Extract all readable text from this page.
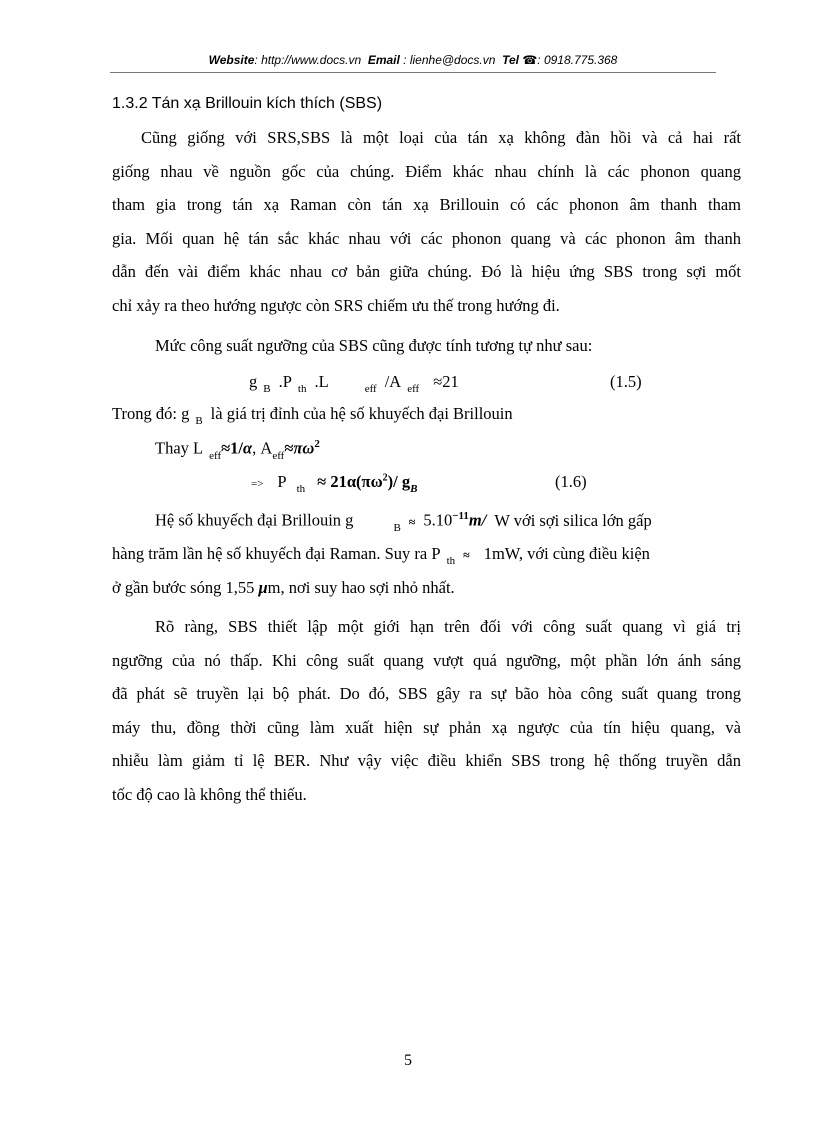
Website: http://www.docs.vn Email : lienhe@docs.vn Tel ☎: 0918.775.368
1.3.2 Tán xạ Brillouin kích thích (SBS)
Cũng giống với SRS,SBS là một loại của tán xạ không đàn hồi và cả hai rất
giống nhau về nguồn gốc của chúng. Điểm khác nhau chính là các phonon quang
tham gia trong tán xạ Raman còn tán xạ Brillouin có các phonon âm thanh tham
gia. Mối quan hệ tán sắc khác nhau với các phonon quang và các phonon âm thanh
dẫn đến vài điểm khác nhau cơ bản giữa chúng. Đó là hiệu ứng SBS trong sợi mốt
chỉ xảy ra theo hướng ngược còn SRS chiếm ưu thế trong hướng đi.
Mức công suất ngưỡng của SBS cũng được tính tương tự như sau:
g $_B$ .P $_{th}$ .L	$_{eff}$ /A $_{eff}$ ≈21	(1.5)
Trong đó: g $_B$ là giá trị đỉnh của hệ số khuyếch đại Brillouin
Thay L $_{eff}$≈1/α, $A_{eff}\approx\pi\omega^2$
=> P $_{th} \approx 21\alpha(\pi\omega^2)/$ $g_B$	(1.6)
Hệ số khuyếch đại Brillouin g	$_B \approx 5.10^{-11}m/$ W với sợi silica lớn gấp
hàng trăm lần hệ số khuyếch đại Raman. Suy ra P $_{th}$ ≈ 1mW, với cùng điều kiện
ở gần bước sóng 1,55 μm, nơi suy hao sợi nhỏ nhất.
Rõ ràng, SBS thiết lập một giới hạn trên đối với công suất quang vì giá trị
ngưỡng của nó thấp. Khi công suất quang vượt quá ngưỡng, một phần lớn ánh sáng
đã phát sẽ truyền lại bộ phát. Do đó, SBS gây ra sự bão hòa công suất quang trong
máy thu, đồng thời cũng làm xuất hiện sự phản xạ ngược của tín hiệu quang, và
nhiễu làm giảm tỉ lệ BER. Như vậy việc điều khiển SBS trong hệ thống truyền dẫn
tốc độ cao là không thể thiếu.
5
